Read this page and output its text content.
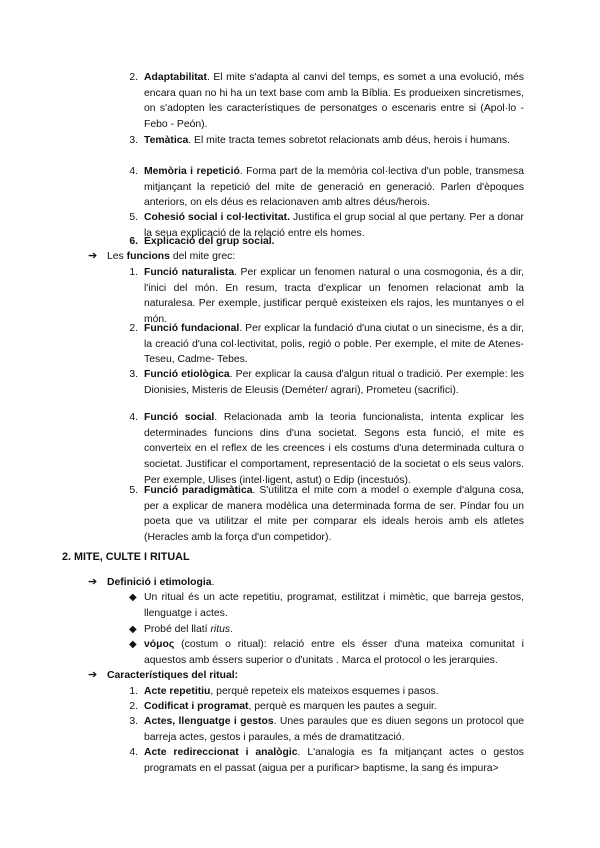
2. Adaptabilitat. El mite s'adapta al canvi del temps, es somet a una evolució, més encara quan no hi ha un text base com amb la Bíblia. Es produeixen sincretismes, on s'adopten les característiques de personatges o escenaris entre si (Apol·lo - Febo - Peón).
3. Temàtica. El mite tracta temes sobretot relacionats amb déus, herois i humans.
4. Memòria i repetició. Forma part de la memòria col·lectiva d'un poble, transmesa mitjançant la repetició del mite de generació en generació. Parlen d'èpoques anteriors, on els déus es relacionaven amb altres déus/herois.
5. Cohesió social i col·lectivitat. Justifica el grup social al que pertany. Per a donar la seua explicació de la relació entre els homes.
6. Explicació del grup social.
➔ Les funcions del mite grec:
1. Funció naturalista. Per explicar un fenomen natural o una cosmogonia, és a dir, l'inici del món. En resum, tracta d'explicar un fenomen relacionat amb la naturalesa. Per exemple, justificar perquè existeixen els rajos, les muntanyes o el món.
2. Funció fundacional. Per explicar la fundació d'una ciutat o un sinecisme, és a dir, la creació d'una col·lectivitat, polis, regió o poble. Per exemple, el mite de Atenes- Teseu, Cadme- Tebes.
3. Funció etiològica. Per explicar la causa d'algun ritual o tradició. Per exemple: les Dionisies, Misteris de Eleusis (Deméter/ agrari), Prometeu (sacrifici).
4. Funció social. Relacionada amb la teoria funcionalista, intenta explicar les determinades funcions dins d'una societat. Segons esta funció, el mite es converteix en el reflex de les creences i els costums d'una determinada cultura o societat. Justificar el comportament, representació de la societat o els seus valors. Per exemple, Ulises (intel·ligent, astut) o Edip (incestuós).
5. Funció paradigmàtica. S'utilitza el mite com a model o exemple d'alguna cosa, per a explicar de manera modèlica una determinada forma de ser. Píndar fou un poeta que va utilitzar el mite per comparar els ideals herois amb els atletes (Heracles amb la força d'un competidor).
2. MITE, CULTE I RITUAL
➔ Definició i etimologia.
◆ Un ritual és un acte repetitiu, programat, estilitzat i mimètic, que barreja gestos, llenguatge i actes.
◆ Probé del llatí ritus.
◆ νόμος (costum o ritual): relació entre els ésser d'una mateixa comunitat i aquestos amb éssers superior o d'unitats . Marca el protocol o les jerarquies.
➔ Característiques del ritual:
1. Acte repetitiu, perquè repeteix els mateixos esquemes i pasos.
2. Codificat i programat, perquè es marquen les pautes a seguir.
3. Actes, llenguatge i gestos. Unes paraules que es diuen segons un protocol que barreja actes, gestos i paraules, a més de dramatització.
4. Acte redireccionat i analògic. L'analogia es fa mitjançant actes o gestos programats en el passat (aigua per a purificar> baptisme, la sang és impura>
